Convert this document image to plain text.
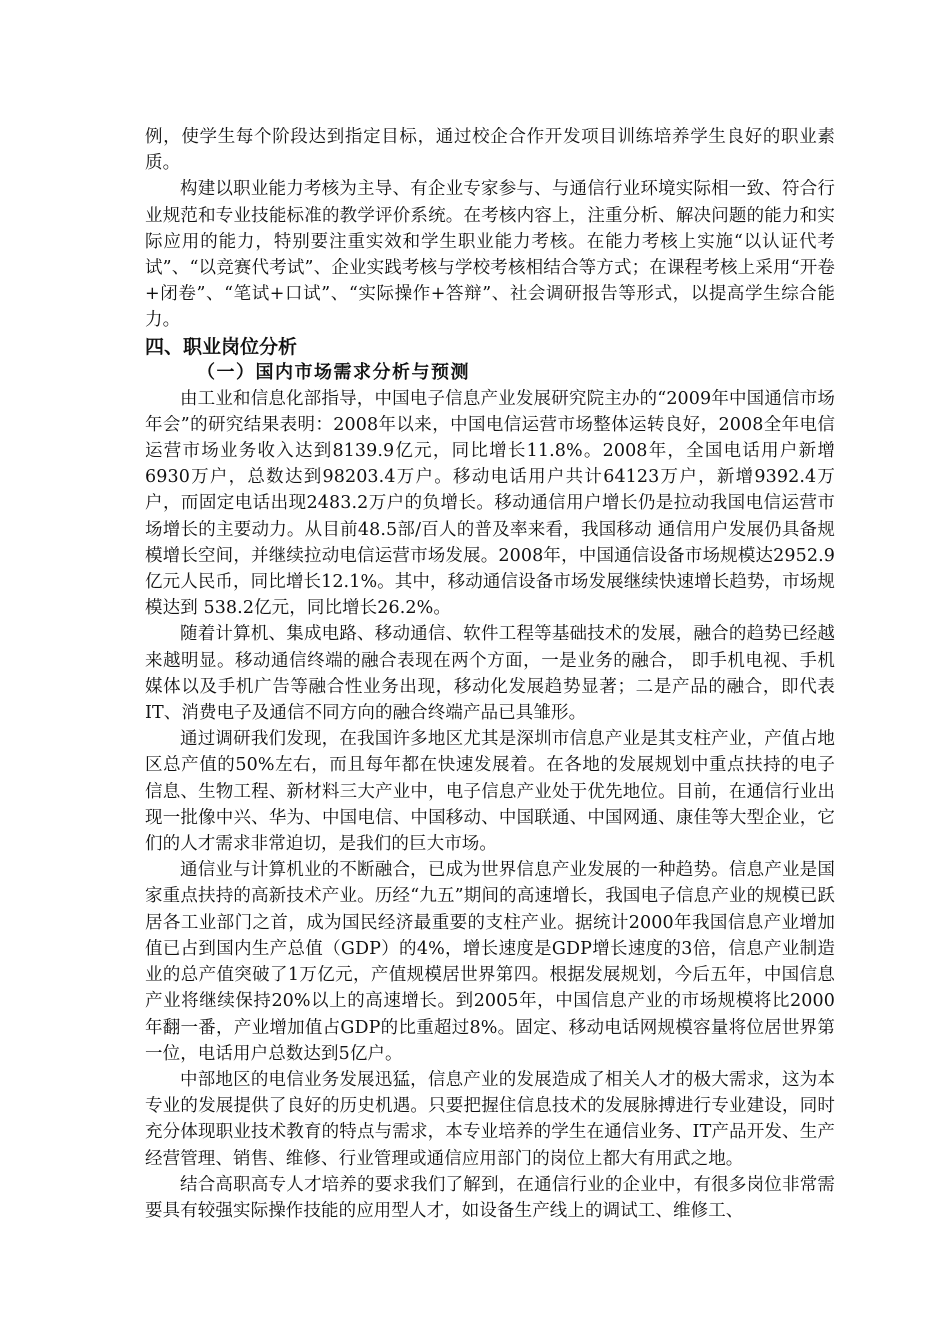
例，使学生每个阶段达到指定目标，通过校企合作开发项目训练培养学生良好的职业素质。

构建以职业能力考核为主导、有企业专家参与、与通信行业环境实际相一致、符合行业规范和专业技能标准的教学评价系统。在考核内容上，注重分析、解决问题的能力和实际应用的能力，特别要注重实效和学生职业能力考核。在能力考核上实施“以认证代考试”、“以竞赛代考试”、企业实践考核与学校考核相结合等方式；在课程考核上采用“开卷+闭卷”、“笔试+口试”、“实际操作+答辩”、社会调研报告等形式，以提高学生综合能力。

四、职业岗位分析
（一）国内市场需求分析与预测

由工业和信息化部指导，中国电子信息产业发展研究院主办的“2009年中国通信市场年会”的研究结果表明：2008年以来，中国电信运营市场整体运转良好，2008全年电信运营市场业务收入达到8139.9亿元，同比增长11.8%。2008年，全国电话用户新增6930万户，总数达到98203.4万户。移动电话用户共计64123万户，新增9392.4万 户，而固定电话出现2483.2万户的负增长。移动通信用户增长仍是拉动我国电信运营市场增长的主要动力。从目前48.5部/百人的普及率来看，我国移动 通信用户发展仍具备规模增长空间，并继续拉动电信运营市场发展。2008年，中国通信设备市场规模达2952.9亿元人民币，同比增长12.1%。其中，移动通信设备市场发展继续快速增长趋势，市场规模达到 538.2亿元，同比增长26.2%。

随着计算机、集成电路、移动通信、软件工程等基础技术的发展，融合的趋势已经越来越明显。移动通信终端的融合表现在两个方面，一是业务的融合， 即手机电视、手机媒体以及手机广告等融合性业务出现，移动化发展趋势显著；二是产品的融合，即代表IT、消费电子及通信不同方向的融合终端产品已具雏形。

通过调研我们发现，在我国许多地区尤其是深圳市信息产业是其支柱产业，产值占地区总产值的50%左右，而且每年都在快速发展着。在各地的发展规划中重点扶持的电子信息、生物工程、新材料三大产业中，电子信息产业处于优先地位。目前，在通信行业出现一批像中兴、华为、中国电信、中国移动、中国联通、中国网通、康佳等大型企业，它们的人才需求非常迫切，是我们的巨大市场。

通信业与计算机业的不断融合，已成为世界信息产业发展的一种趋势。信息产业是国家重点扶持的高新技术产业。历经“九五”期间的高速增长，我国电子信息产业的规模已跃居各工业部门之首，成为国民经济最重要的支柱产业。据统计2000年我国信息产业增加值已占到国内生产总值（GDP）的4%，增长速度是GDP增长速度的3倍，信息产业制造业的总产值突破了1万亿元，产值规模居世界第四。根据发展规划，今后五年，中国信息产业将继续保持20%以上的高速增长。到2005年，中国信息产业的市场规模将比2000年翻一番，产业增加值占GDP的比重超过8%。固定、移动电话网规模容量将位居世界第一位，电话用户总数达到5亿户。

中部地区的电信业务发展迅猛，信息产业的发展造成了相关人才的极大需求，这为本专业的发展提供了良好的历史机遇。只要把握住信息技术的发展脉搏进行专业建设，同时充分体现职业技术教育的特点与需求，本专业培养的学生在通信业务、IT产品开发、生产经营管理、销售、维修、行业管理或通信应用部门的岗位上都大有用武之地。

结合高职高专人才培养的要求我们了解到，在通信行业的企业中，有很多岗位非常需要具有较强实际操作技能的应用型人才，如设备生产线上的调试工、维修工、
